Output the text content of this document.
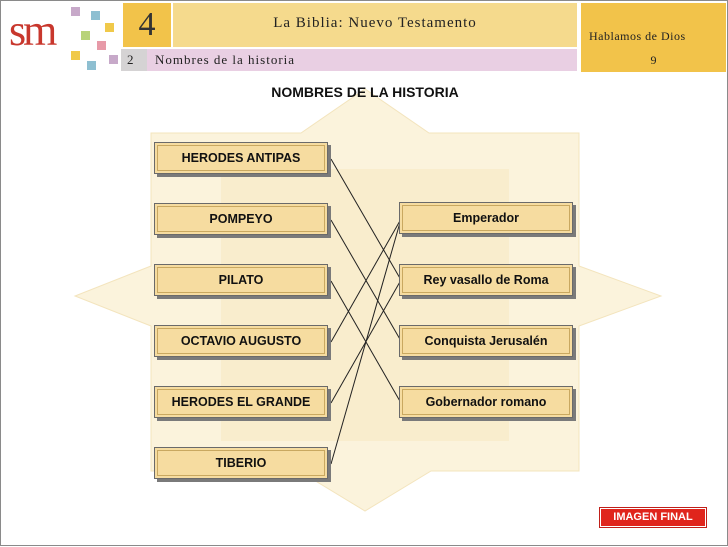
sm	4	La Biblia: Nuevo Testamento
Hablamos de Dios
9
2	Nombres de la historia
NOMBRES DE LA HISTORIA
HERODES ANTIPAS
POMPEYO
PILATO
OCTAVIO AUGUSTO
HERODES EL GRANDE
TIBERIO
Emperador
Rey vasallo de Roma
Conquista Jerusalén
Gobernador romano
IMAGEN FINAL
